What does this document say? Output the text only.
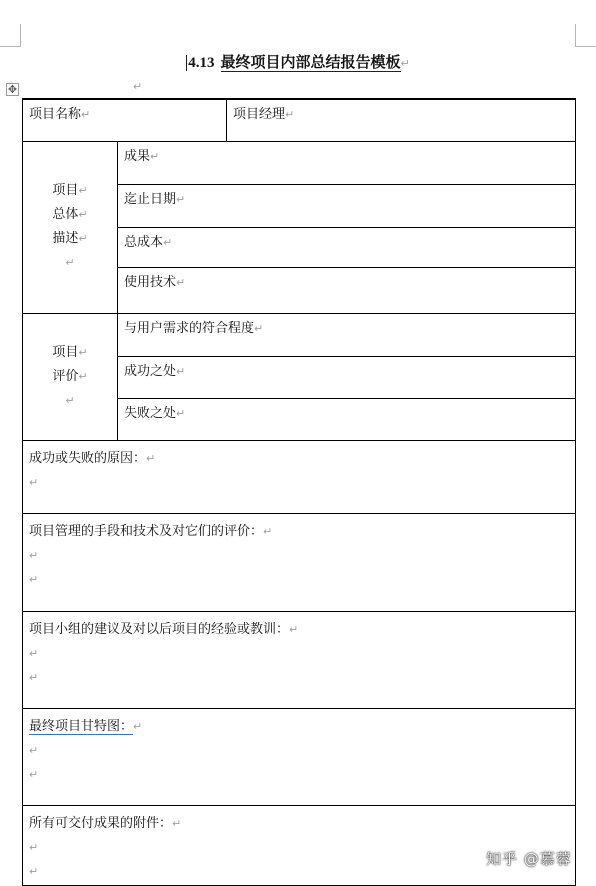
4.13 最终项目内部总结报告模板↵
✥	↵
项目名称↵		项目经理↵

项目↵
总体↵
描述↵
↵	成果↵	
	迄止日期↵	
	总成本↵	
	使用技术↵	

项目↵
评价↵
↵	与用户需求的符合程度↵	
	成功之处↵	
	失败之处↵	

成功或失败的原因：↵
↵		

项目管理的手段和技术及对它们的评价：↵
↵
↵		

项目小组的建议及对以后项目的经验或教训：↵
↵
↵		

最终项目甘特图：↵
↵
↵		

所有可交付成果的附件：↵
↵
↵		
知乎 @慕蓉
